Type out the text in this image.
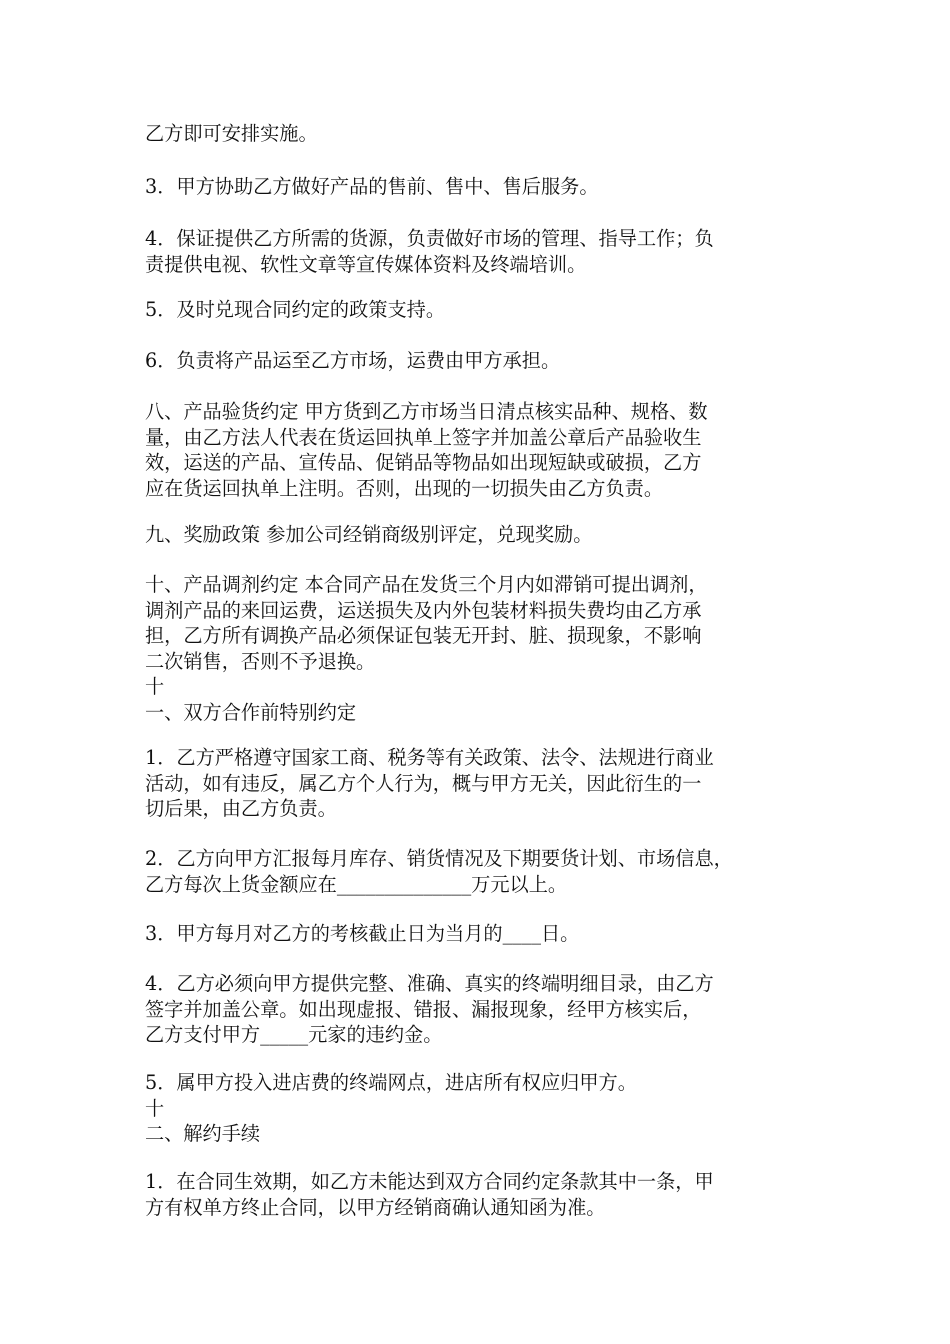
乙方即可安排实施。
3．甲方协助乙方做好产品的售前、售中、售后服务。
4．保证提供乙方所需的货源，负责做好市场的管理、指导工作；负
责提供电视、软性文章等宣传媒体资料及终端培训。
5．及时兑现合同约定的政策支持。
6．负责将产品运至乙方市场，运费由甲方承担。
八、产品验货约定 甲方货到乙方市场当日清点核实品种、规格、数
量，由乙方法人代表在货运回执单上签字并加盖公章后产品验收生
效，运送的产品、宣传品、促销品等物品如出现短缺或破损，乙方
应在货运回执单上注明。否则，出现的一切损失由乙方负责。
九、奖励政策 参加公司经销商级别评定，兑现奖励。
十、产品调剂约定 本合同产品在发货三个月内如滞销可提出调剂，
调剂产品的来回运费，运送损失及内外包装材料损失费均由乙方承
担，乙方所有调换产品必须保证包装无开封、脏、损现象，不影响
二次销售，否则不予退换。
十
一、双方合作前特别约定
1．乙方严格遵守国家工商、税务等有关政策、法令、法规进行商业
活动，如有违反，属乙方个人行为，概与甲方无关，因此衍生的一
切后果，由乙方负责。
2．乙方向甲方汇报每月库存、销货情况及下期要货计划、市场信息，
乙方每次上货金额应在______________万元以上。
3．甲方每月对乙方的考核截止日为当月的____日。
4．乙方必须向甲方提供完整、准确、真实的终端明细目录，由乙方
签字并加盖公章。如出现虚报、错报、漏报现象，经甲方核实后，
乙方支付甲方_____元家的违约金。
5．属甲方投入进店费的终端网点，进店所有权应归甲方。
十
二、解约手续
1．在合同生效期，如乙方未能达到双方合同约定条款其中一条，甲
方有权单方终止合同，以甲方经销商确认通知函为准。
